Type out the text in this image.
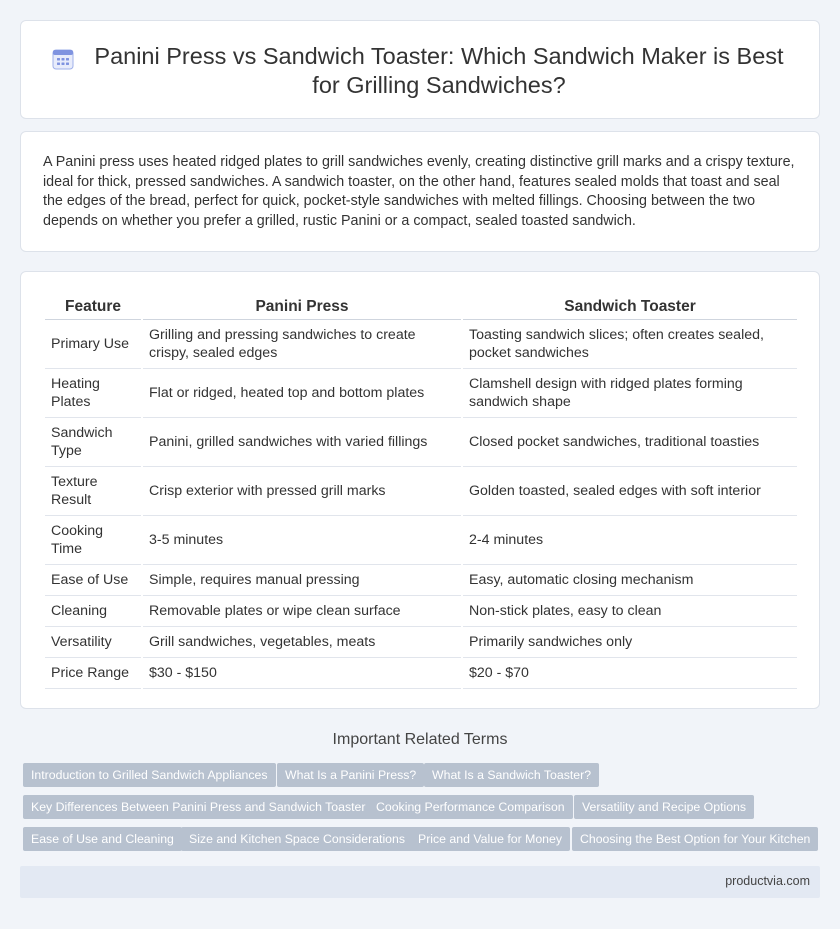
Panini Press vs Sandwich Toaster: Which Sandwich Maker is Best for Grilling Sandwiches?

A Panini press uses heated ridged plates to grill sandwiches evenly, creating distinctive grill marks and a crispy texture, ideal for thick, pressed sandwiches. A sandwich toaster, on the other hand, features sealed molds that toast and seal the edges of the bread, perfect for quick, pocket-style sandwiches with melted fillings. Choosing between the two depends on whether you prefer a grilled, rustic Panini or a compact, sealed toasted sandwich.

Feature	Panini Press	Sandwich Toaster
Primary Use	Grilling and pressing sandwiches to create crispy, sealed edges	Toasting sandwich slices; often creates sealed, pocket sandwiches
Heating Plates	Flat or ridged, heated top and bottom plates	Clamshell design with ridged plates forming sandwich shape
Sandwich Type	Panini, grilled sandwiches with varied fillings	Closed pocket sandwiches, traditional toasties
Texture Result	Crisp exterior with pressed grill marks	Golden toasted, sealed edges with soft interior
Cooking Time	3-5 minutes	2-4 minutes
Ease of Use	Simple, requires manual pressing	Easy, automatic closing mechanism
Cleaning	Removable plates or wipe clean surface	Non-stick plates, easy to clean
Versatility	Grill sandwiches, vegetables, meats	Primarily sandwiches only
Price Range	$30 - $150	$20 - $70
Important Related Terms
Introduction to Grilled Sandwich Appliances	What Is a Panini Press?	What Is a Sandwich Toaster?
Key Differences Between Panini Press and Sandwich Toaster Cooking Performance Comparison	Versatility and Recipe Options
Ease of Use and Cleaning	Size and Kitchen Space Considerations	Price and Value for Money	Choosing the Best Option for Your Kitchen
productvia.com
